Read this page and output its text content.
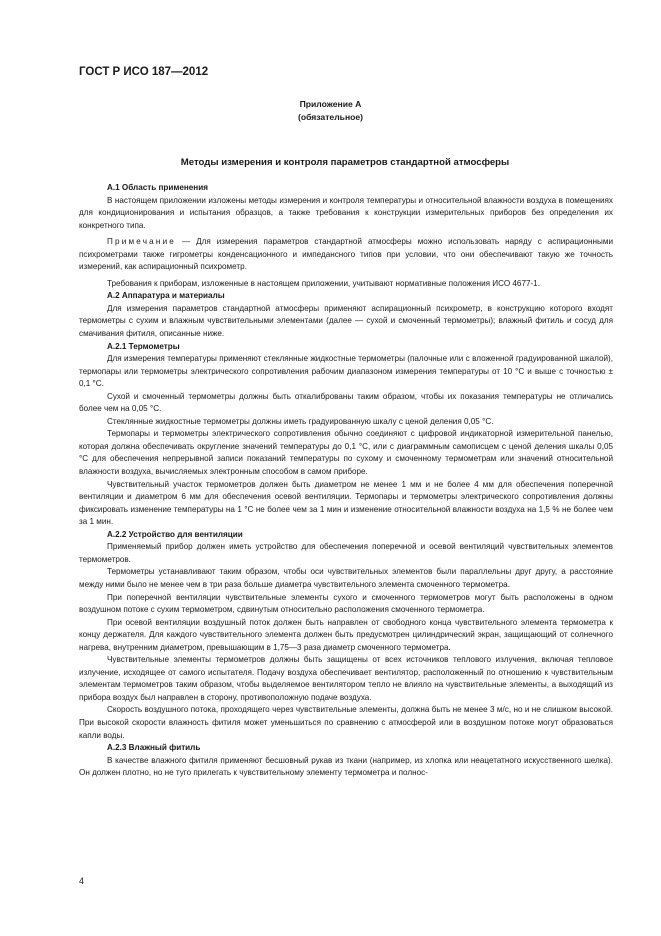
ГОСТ Р ИСО 187—2012
Приложение А
(обязательное)
Методы измерения и контроля параметров стандартной атмосферы
А.1 Область применения

В настоящем приложении изложены методы измерения и контроля температуры и относительной влажности воздуха в помещениях для кондиционирования и испытания образцов, а также требования к конструкции измерительных приборов без определения их конкретного типа.

Примечание — Для измерения параметров стандартной атмосферы можно использовать наряду с аспирационными психрометрами также гигрометры конденсационного и импедансного типов при условии, что они обеспечивают такую же точность измерений, как аспирационный психрометр.

Требования к приборам, изложенные в настоящем приложении, учитывают нормативные положения ИСО 4677-1.

А.2 Аппаратура и материалы

Для измерения параметров стандартной атмосферы применяют аспирационный психрометр, в конструкцию которого входят термометры с сухим и влажным чувствительными элементами (далее — сухой и смоченный термометры); влажный фитиль и сосуд для смачивания фитиля, описанные ниже.

А.2.1 Термометры

Для измерения температуры применяют стеклянные жидкостные термометры (палочные или с вложенной градуированной шкалой), термопары или термометры электрического сопротивления рабочим диапазоном измерения температуры от 10 °С и выше с точностью ± 0,1 °С.

Сухой и смоченный термометры должны быть откалиброваны таким образом, чтобы их показания температуры не отличались более чем на 0,05 °С.

Стеклянные жидкостные термометры должны иметь градуированную шкалу с ценой деления 0,05 °С.

Термопары и термометры электрического сопротивления обычно соединяют с цифровой индикаторной измерительной панелью, которая должна обеспечивать округление значений температуры до 0,1 °С, или с диаграммным самописцем с ценой деления шкалы 0,05 °С для обеспечения непрерывной записи показаний температуры по сухому и смоченному термометрам или значений относительной влажности воздуха, вычисляемых электронным способом в самом приборе.

Чувствительный участок термометров должен быть диаметром не менее 1 мм и не более 4 мм для обеспечения поперечной вентиляции и диаметром 6 мм для обеспечения осевой вентиляции. Термопары и термометры электрического сопротивления должны фиксировать изменение температуры на 1 °С не более чем за 1 мин и изменение относительной влажности воздуха на 1,5 % не более чем за 1 мин.

А.2.2 Устройство для вентиляции

Применяемый прибор должен иметь устройство для обеспечения поперечной и осевой вентиляций чувствительных элементов термометров.

Термометры устанавливают таким образом, чтобы оси чувствительных элементов были параллельны друг другу, а расстояние между ними было не менее чем в три раза больше диаметра чувствительного элемента смоченного термометра.

При поперечной вентиляции чувствительные элементы сухого и смоченного термометров могут быть расположены в одном воздушном потоке с сухим термометром, сдвинутым относительно расположения смоченного термометра.

При осевой вентиляции воздушный поток должен быть направлен от свободного конца чувствительного элемента термометра к концу держателя. Для каждого чувствительного элемента должен быть предусмотрен цилиндрический экран, защищающий от солнечного нагрева, внутренним диаметром, превышающим в 1,75—3 раза диаметр смоченного термометра.

Чувствительные элементы термометров должны быть защищены от всех источников теплового излучения, включая тепловое излучение, исходящее от самого испытателя. Подачу воздуха обеспечивает вентилятор, расположенный по отношению к чувствительным элементам термометров таким образом, чтобы выделяемое вентилятором тепло не влияло на чувствительные элементы, а выходящий из прибора воздух был направлен в сторону, противоположную подаче воздуха.

Скорость воздушного потока, проходящего через чувствительные элементы, должна быть не менее 3 м/с, но и не слишком высокой. При высокой скорости влажность фитиля может уменьшиться по сравнению с атмосферой или в воздушном потоке могут образоваться капли воды.

А.2.3 Влажный фитиль

В качестве влажного фитиля применяют бесшовный рукав из ткани (например, из хлопка или неацетатного искусственного шелка). Он должен плотно, но не туго прилегать к чувствительному элементу термометра и полнос-

4
